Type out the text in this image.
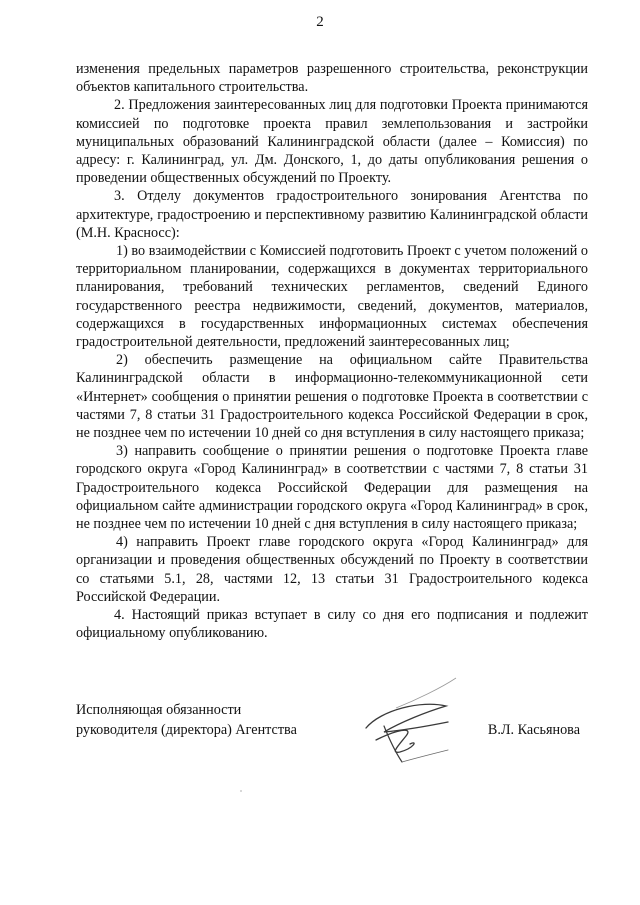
2

изменения предельных параметров разрешенного строительства, реконструкции объектов капитального строительства.

2. Предложения заинтересованных лиц для подготовки Проекта принимаются комиссией по подготовке проекта правил землепользования и застройки муниципальных образований Калининградской области (далее – Комиссия) по адресу: г. Калининград, ул. Дм. Донского, 1, до даты опубликования решения о проведении общественных обсуждений по Проекту.

3. Отделу документов градостроительного зонирования Агентства по архитектуре, градостроению и перспективному развитию Калининградской области (М.Н. Красносс):

1) во взаимодействии с Комиссией подготовить Проект с учетом положений о территориальном планировании, содержащихся в документах территориального планирования, требований технических регламентов, сведений Единого государственного реестра недвижимости, сведений, документов, материалов, содержащихся в государственных информационных системах обеспечения градостроительной деятельности, предложений заинтересованных лиц;

2) обеспечить размещение на официальном сайте Правительства Калининградской области в информационно-телекоммуникационной сети «Интернет» сообщения о принятии решения о подготовке Проекта в соответствии с частями 7, 8 статьи 31 Градостроительного кодекса Российской Федерации в срок, не позднее чем по истечении 10 дней со дня вступления в силу настоящего приказа;

3) направить сообщение о принятии решения о подготовке Проекта главе городского округа «Город Калининград» в соответствии с частями 7, 8 статьи 31 Градостроительного кодекса Российской Федерации для размещения на официальном сайте администрации городского округа «Город Калининград» в срок, не позднее чем по истечении 10 дней с дня вступления в силу настоящего приказа;

4) направить Проект главе городского округа «Город Калининград» для организации и проведения общественных обсуждений по Проекту в соответствии со статьями 5.1, 28, частями 12, 13 статьи 31 Градостроительного кодекса Российской Федерации.

4. Настоящий приказ вступает в силу со дня его подписания и подлежит официальному опубликованию.

Исполняющая обязанности
руководителя (директора) Агентства	В.Л. Касьянова
